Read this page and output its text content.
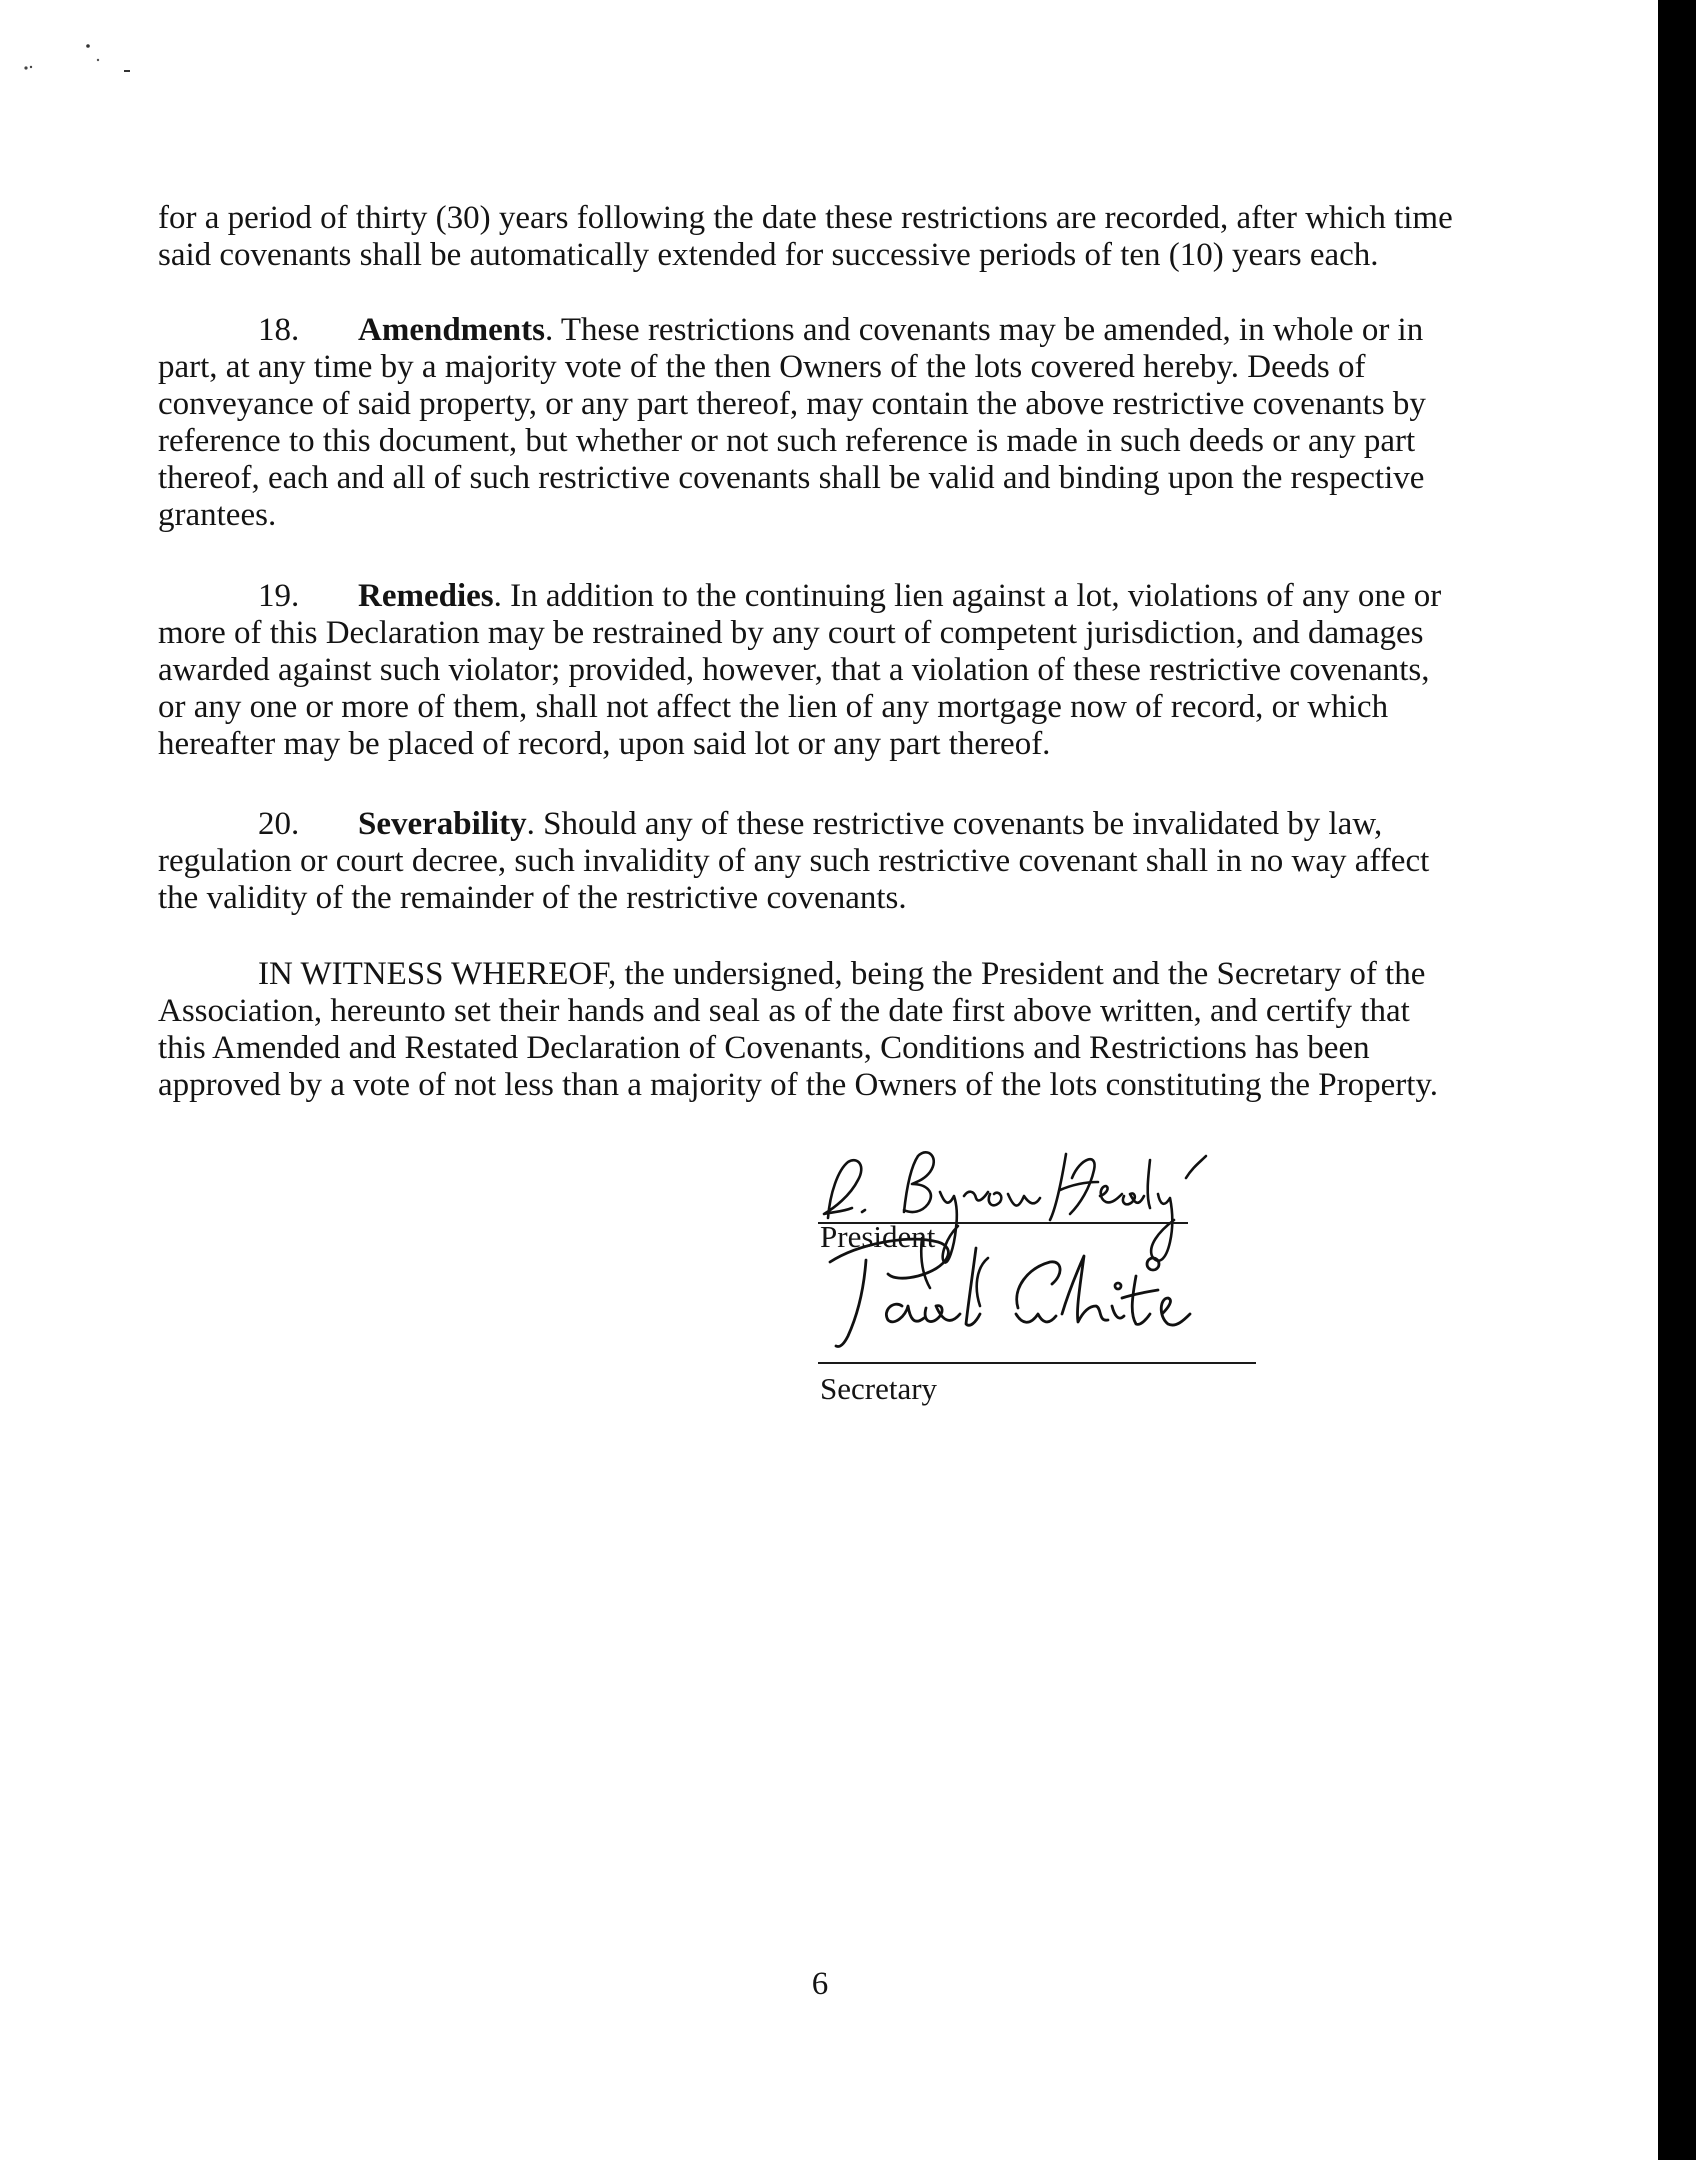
for a period of thirty (30) years following the date these restrictions are recorded, after which time said covenants shall be automatically extended for successive periods of ten (10) years each.

18. Amendments. These restrictions and covenants may be amended, in whole or in part, at any time by a majority vote of the then Owners of the lots covered hereby. Deeds of conveyance of said property, or any part thereof, may contain the above restrictive covenants by reference to this document, but whether or not such reference is made in such deeds or any part thereof, each and all of such restrictive covenants shall be valid and binding upon the respective grantees.

19. Remedies. In addition to the continuing lien against a lot, violations of any one or more of this Declaration may be restrained by any court of competent jurisdiction, and damages awarded against such violator; provided, however, that a violation of these restrictive covenants, or any one or more of them, shall not affect the lien of any mortgage now of record, or which hereafter may be placed of record, upon said lot or any part thereof.

20. Severability. Should any of these restrictive covenants be invalidated by law, regulation or court decree, such invalidity of any such restrictive covenant shall in no way affect the validity of the remainder of the restrictive covenants.

IN WITNESS WHEREOF, the undersigned, being the President and the Secretary of the Association, hereunto set their hands and seal as of the date first above written, and certify that this Amended and Restated Declaration of Covenants, Conditions and Restrictions has been approved by a vote of not less than a majority of the Owners of the lots constituting the Property.

President
Secretary
6
